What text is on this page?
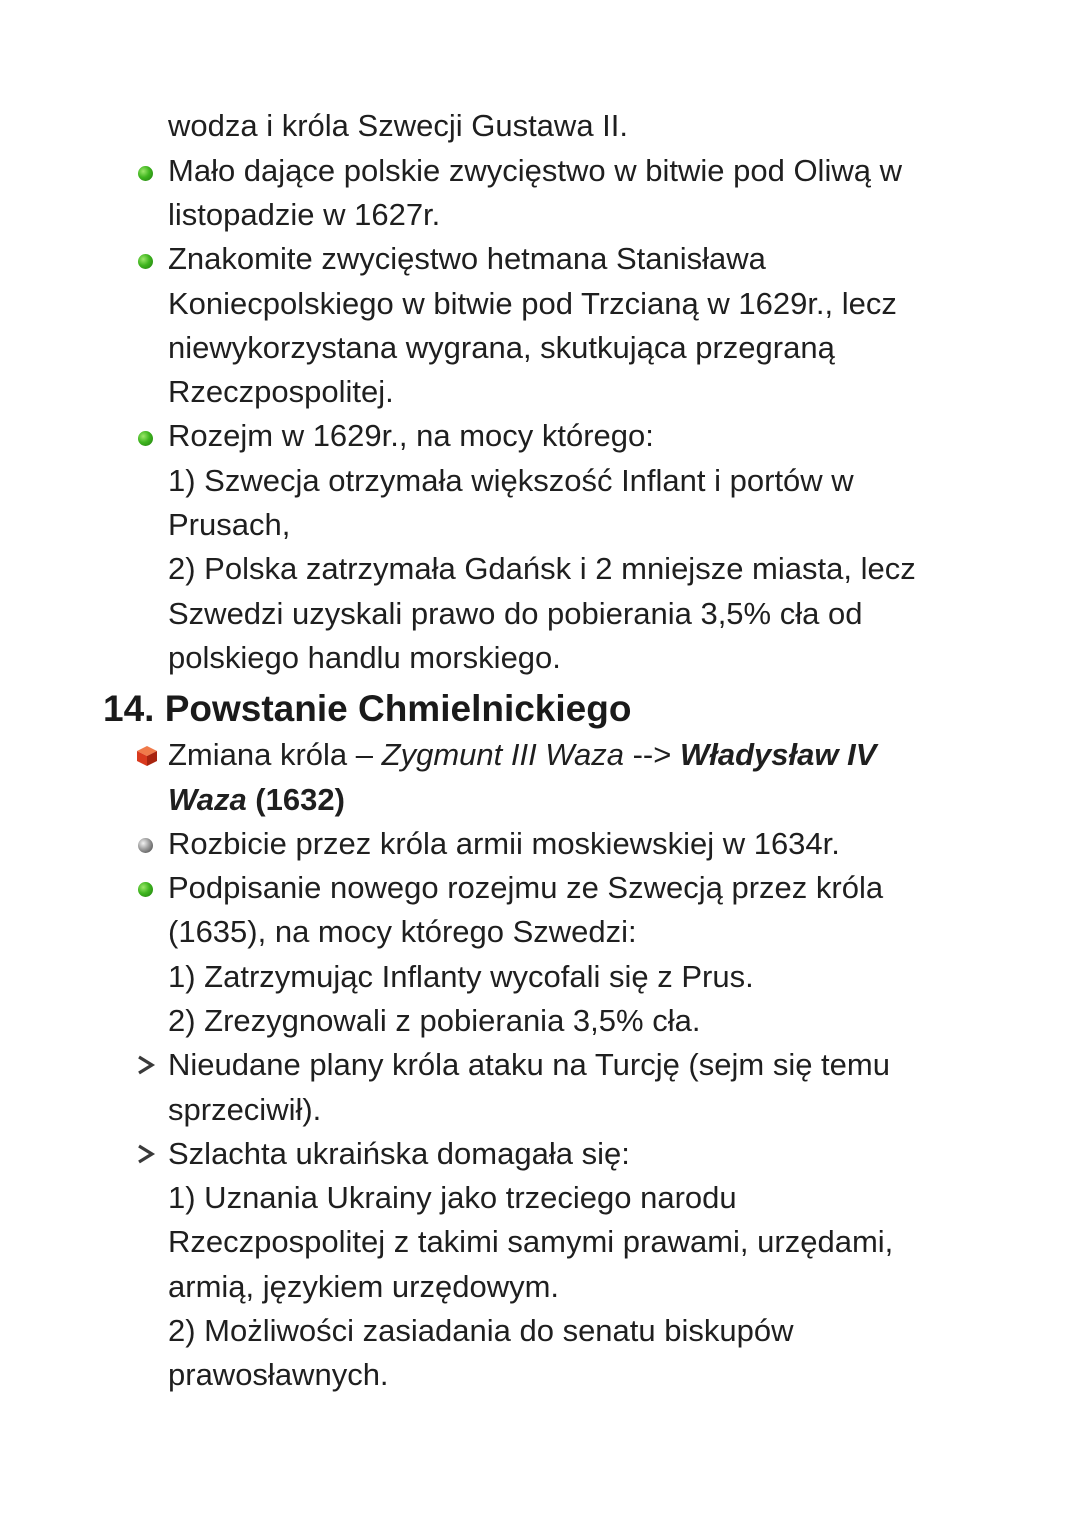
wodza i króla Szwecji Gustawa II.
Mało dające polskie zwycięstwo w bitwie pod Oliwą w
listopadzie w 1627r.
Znakomite zwycięstwo hetmana Stanisława
Koniecpolskiego w bitwie pod Trzcianą w 1629r., lecz
niewykorzystana wygrana, skutkująca przegraną
Rzeczpospolitej.
Rozejm w 1629r., na mocy którego:
1) Szwecja otrzymała większość Inflant i portów w
Prusach,
2) Polska zatrzymała Gdańsk i 2 mniejsze miasta, lecz
Szwedzi uzyskali prawo do pobierania 3,5% cła od
polskiego handlu morskiego.
14. Powstanie Chmielnickiego
Zmiana króla – Zygmunt III Waza --> Władysław IV
Waza (1632)
Rozbicie przez króla armii moskiewskiej w 1634r.
Podpisanie nowego rozejmu ze Szwecją przez króla
(1635), na mocy którego Szwedzi:
1) Zatrzymując Inflanty wycofali się z Prus.
2) Zrezygnowali z pobierania 3,5% cła.
Nieudane plany króla ataku na Turcję (sejm się temu
sprzeciwił).
Szlachta ukraińska domagała się:
1) Uznania Ukrainy jako trzeciego narodu
Rzeczpospolitej z takimi samymi prawami, urzędami,
armią, językiem urzędowym.
2) Możliwości zasiadania do senatu biskupów
prawosławnych.
